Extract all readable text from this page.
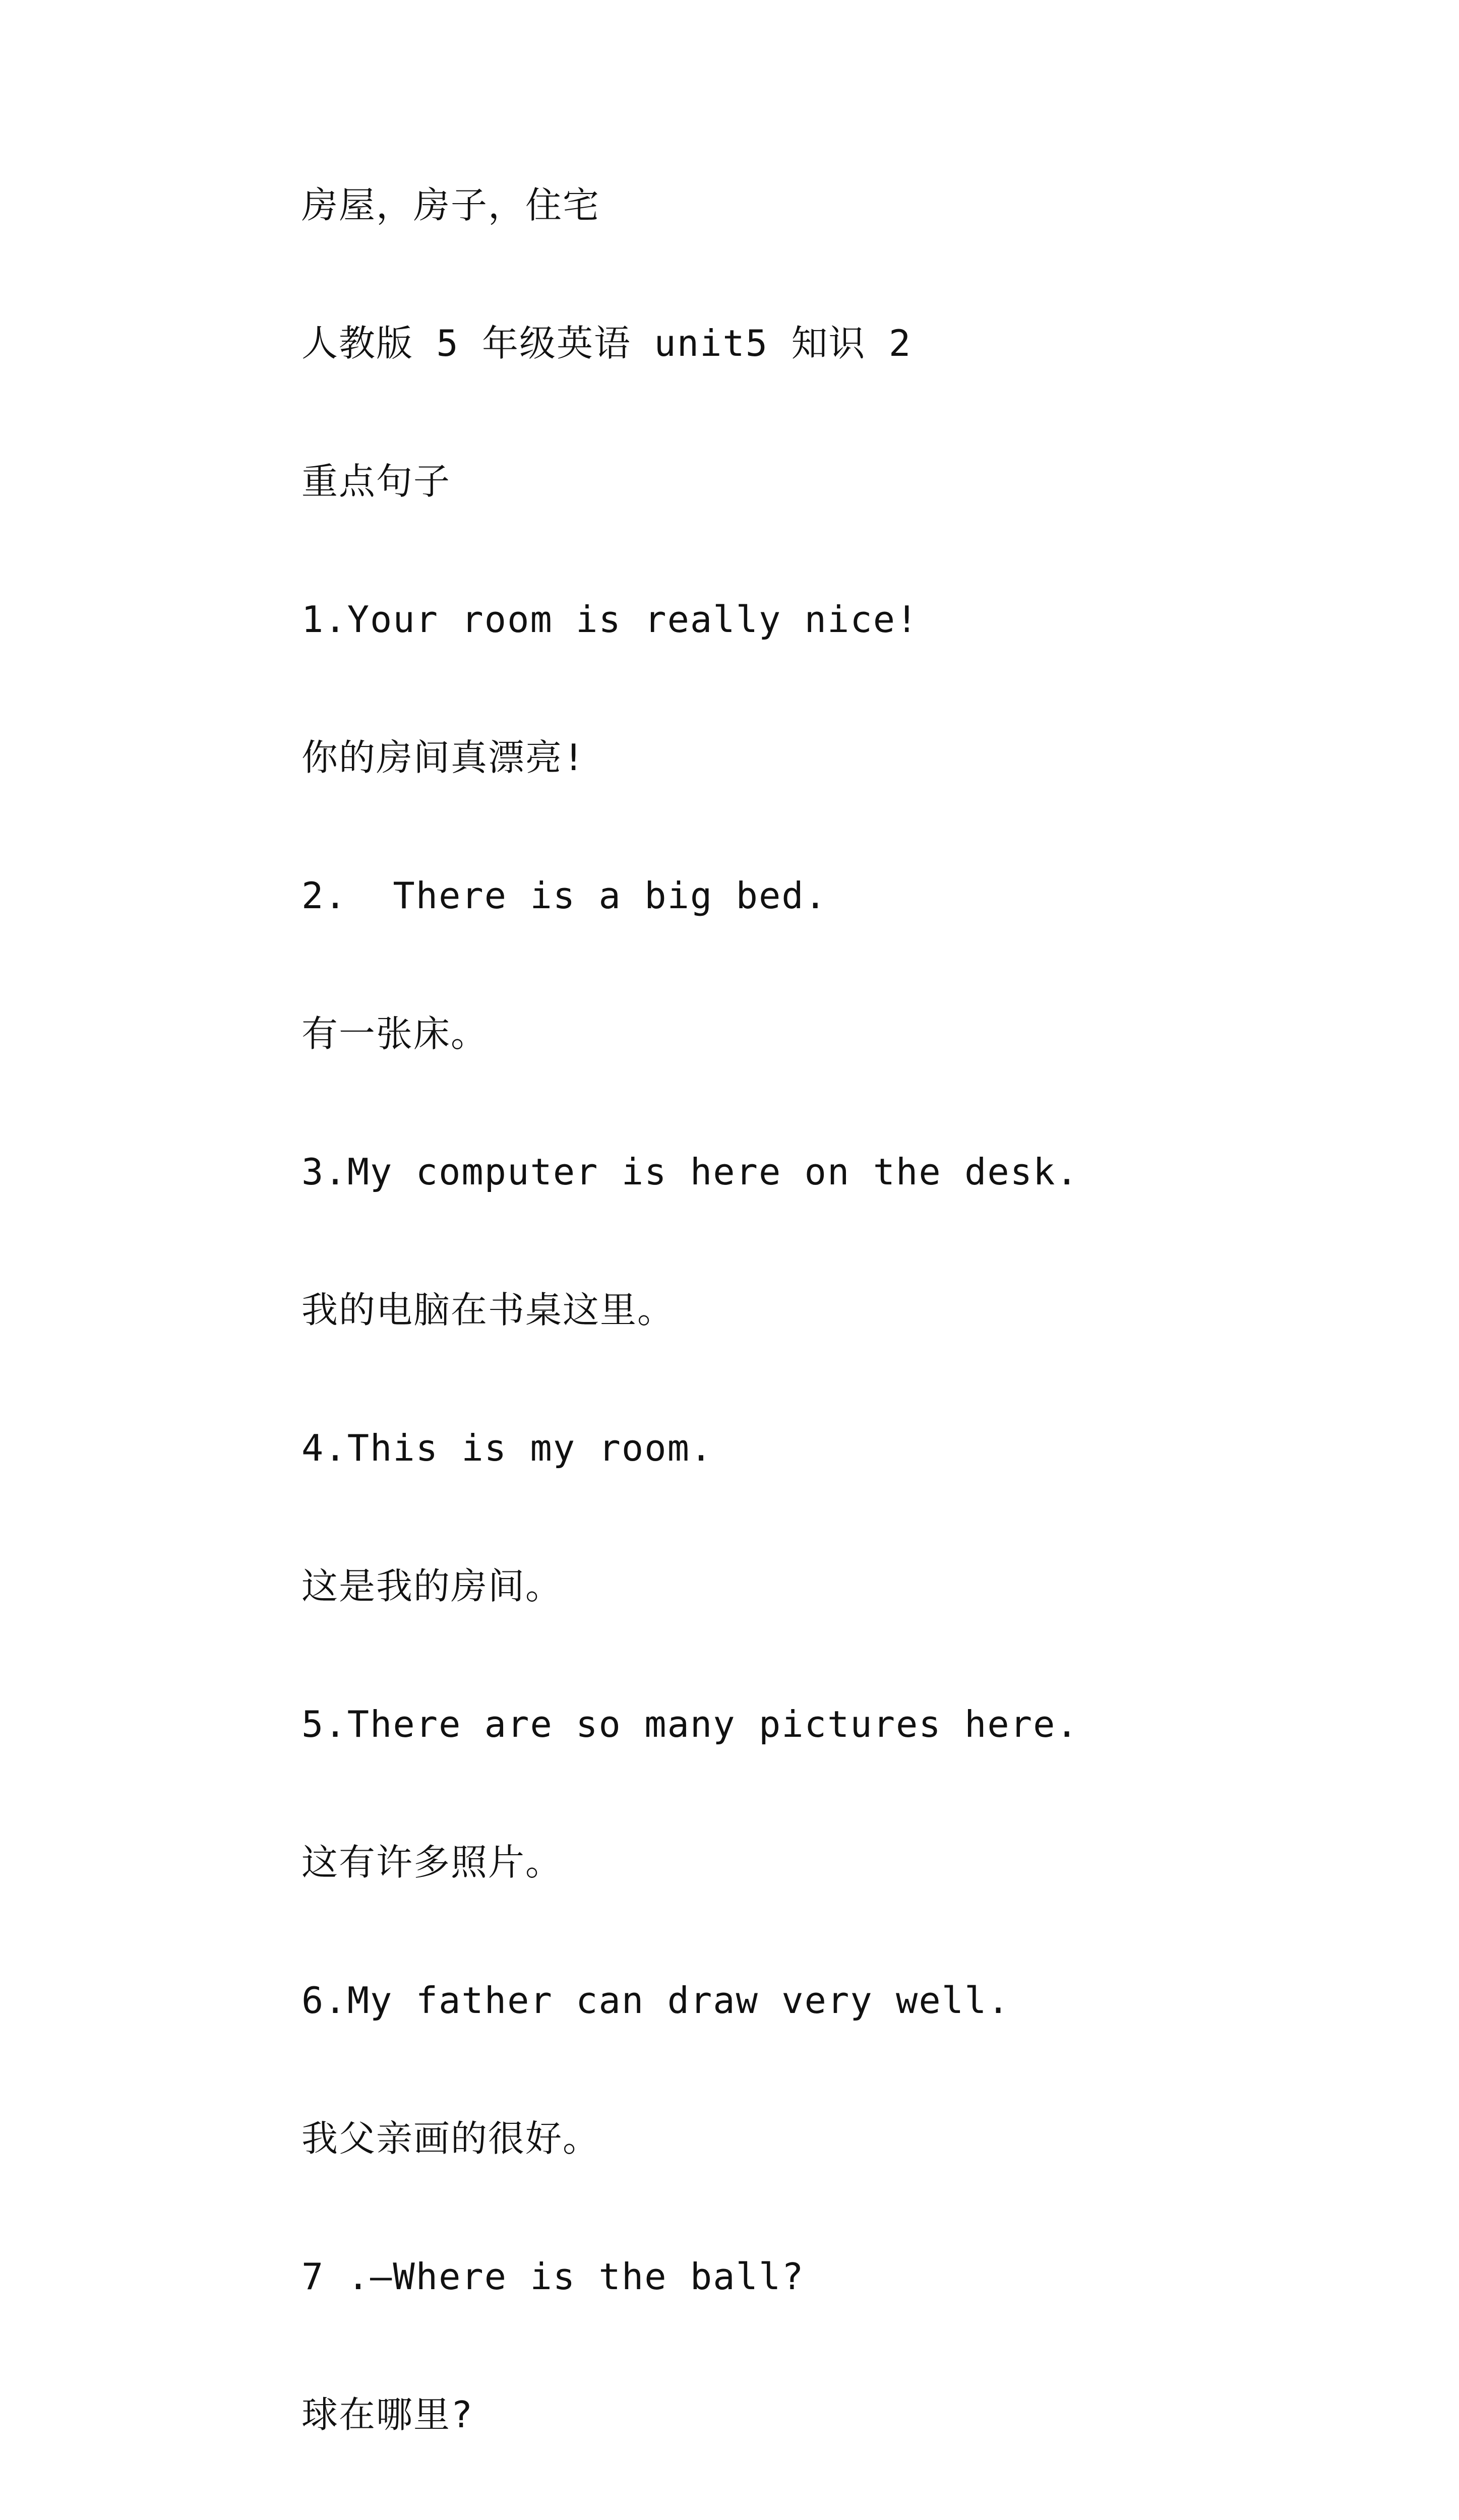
房屋，房子，住宅
人教版 5 年级英语 unit5 知识 2
重点句子
1.Your room is really nice!
你的房间真漂亮!
2.  There is a big bed.
有一张床。
3.My computer is here on the desk.
我的电脑在书桌这里。
4.This is my room.
这是我的房间。
5.There are so many pictures here.
这有许多照片。
6.My father can draw very well.
我父亲画的很好。
7 .—Where is the ball?
球在哪里?
